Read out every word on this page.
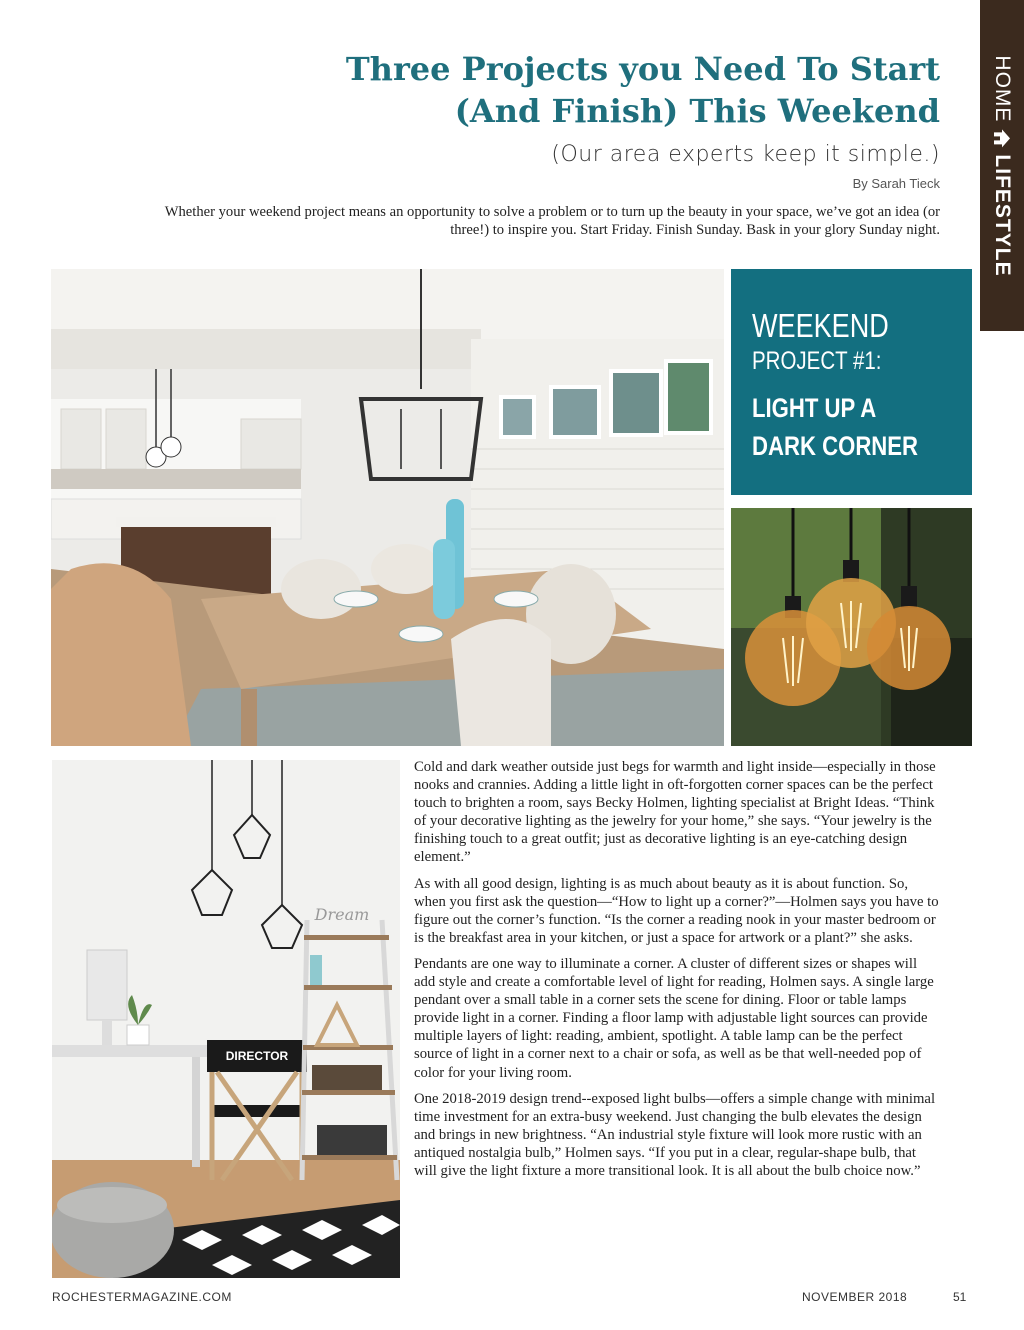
Three Projects you Need To Start
(And Finish) This Weekend
(Our area experts keep it simple.)
By Sarah Tieck
Whether your weekend project means an opportunity to solve a problem or to turn up the beauty in your space, we’ve got an idea (or three!) to inspire you. Start Friday. Finish Sunday. Bask in your glory Sunday night.
HOME
LIFESTYLE
WEEKEND
PROJECT #1:
LIGHT UP A DARK CORNER
DIRECTOR
Dream

Cold and dark weather outside just begs for warmth and light inside—especially in those nooks and crannies. Adding a little light in oft-forgotten corner spaces can be the perfect touch to brighten a room, says Becky Holmen, lighting specialist at Bright Ideas. “Think of your decorative lighting as the jewelry for your home,” she says. “Your jewelry is the finishing touch to a great outfit; just as decorative lighting is an eye-catching design element.”

As with all good design, lighting is as much about beauty as it is about function. So, when you first ask the question—“How to light up a corner?”—Holmen says you have to figure out the corner’s function. “Is the corner a reading nook in your master bedroom or is the breakfast area in your kitchen, or just a space for artwork or a plant?” she asks.

Pendants are one way to illuminate a corner. A cluster of different sizes or shapes will add style and create a comfortable level of light for reading, Holmen says. A single large pendant over a small table in a corner sets the scene for dining. Floor or table lamps provide light in a corner. Finding a floor lamp with adjustable light sources can provide multiple layers of light: reading, ambient, spotlight. A table lamp can be the perfect source of light in a corner next to a chair or sofa, as well as be that well-needed pop of color for your living room.

One 2018-2019 design trend--exposed light bulbs—offers a simple change with minimal time investment for an extra-busy weekend. Just changing the bulb elevates the design and brings in new brightness. “An industrial style fixture will look more rustic with an antiqued nostalgia bulb,” Holmen says. “If you put in a clear, regular-shape bulb, that will give the light fixture a more transitional look. It is all about the bulb choice now.”

ROCHESTERMAGAZINE.COM	NOVEMBER 2018	51
